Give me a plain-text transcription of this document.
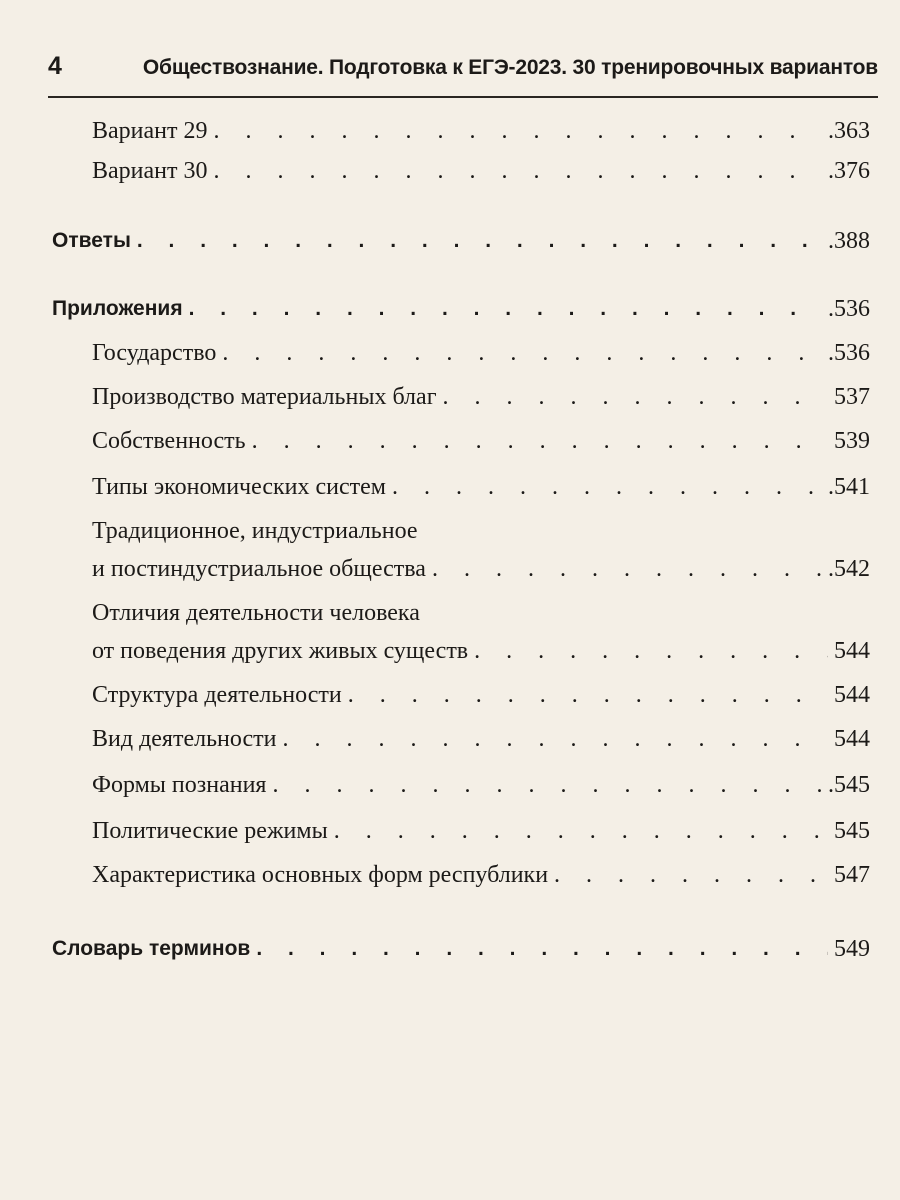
4	Обществознание. Подготовка к ЕГЭ-2023. 30 тренировочных вариантов
Вариант 29 . . .	.363
Вариант 30 . . .	.376
Ответы . . .	.388
Приложения . . .	.536
Государство . . .	.536
Производство материальных благ . . .	537
Собственность . . .	539
Типы экономических систем . . .	.541
Традиционное, индустриальное
и постиндустриальное общества . . .	.542
Отличия деятельности человека
от поведения других живых существ . . .	544
Структура деятельности . . .	544
Вид деятельности . . .	544
Формы познания . . .	.545
Политические режимы . . .	545
Характеристика основных форм республики . . .	547
Словарь терминов . . .	549
